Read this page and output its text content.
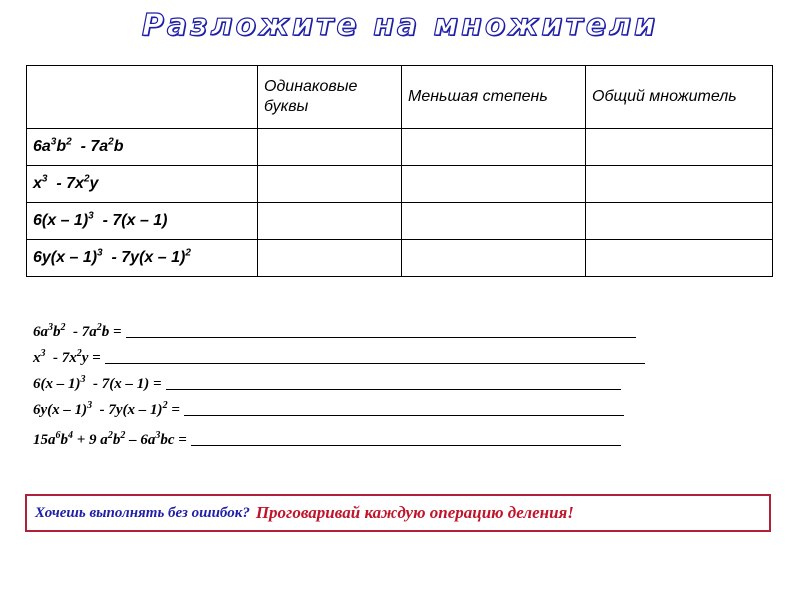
Разложите на множители
	Одинаковые буквы	Меньшая степень	Общий множитель
$6a^3b^2 - 7a^2b$			
$x^3 - 7x^2y$			
6(x – 1)$^3$  - 7(x – 1)			
6y(x – 1)$^3$  - 7y(x – 1)$^2$			
$6a^3b^2 - 7a^2b$ =
$x^3 - 7x^2y$ =
6(x – 1)$^3$  - 7(x – 1) =
6y(x – 1)$^3$  - 7y(x – 1)$^2$ =
$15a^6b^4 + 9$ $a^2b^2 - 6a^3bc$ =
Хочешь выполнять без ошибок? Проговаривай каждую операцию деления!
